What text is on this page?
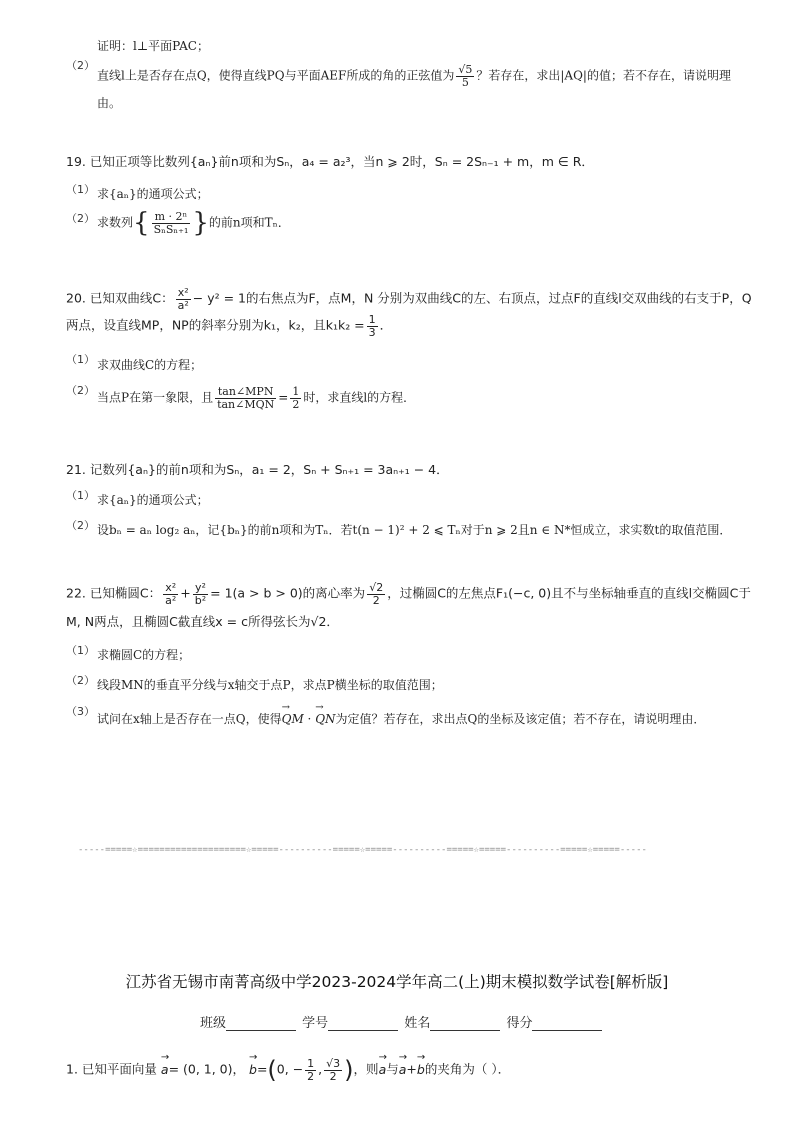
证明：l⊥平面PAC；
（2）
直线l上是否存在点Q，使得直线PQ与平面AEF所成的角的正弦值为 $\frac{√5}{5}$ ？若存在，求出|AQ|的值；若不存在，请说明理
由。
19. 已知正项等比数列{aₙ}前n项和为Sₙ，a₄ = a₂³，当n ⩾ 2时，Sₙ = 2Sₙ₋₁ + m，m ∈ R．
（1） 求{aₙ}的通项公式；
（2） 求数列{ $\frac{\text{m · 2ⁿ}}{\text{SₙSₙ₊₁}}$ }的前n项和Tₙ．
20. 已知双曲线C： $\frac{\text{x²}}{\text{a²}} - y^2 = 1$的右焦点为F，点M，N 分别为双曲线C的左、右顶点，过点F的直线l交双曲线的右支于P，Q
两点，设直线MP，NP的斜率分别为k₁，k₂，且$k_1k_2 = \frac{1}{3}$ ．
（1） 求双曲线C的方程；
（2）
当点P在第一象限，且 $\frac{\text{tan∠MPN}}{\text{tan∠MQN}} = \frac{1}{2}$ 时，求直线l的方程．
21. 记数列{aₙ}的前n项和为Sₙ，a₁ = 2，Sₙ + Sₙ₊₁ = 3aₙ₊₁ − 4．
（1） 求{aₙ}的通项公式；
（2） 设bₙ = aₙ log₂ aₙ，记{bₙ}的前n项和为Tₙ．若t(n − 1)² + 2 ⩽ Tₙ对于n ⩾ 2且n ∈ N*恒成立，求实数t的取值范围．
22. 已知椭圆C： $\frac{\text{x²}}{\text{a²}} + \frac{\text{y²}}{\text{b²}} = 1(a > b > 0)$的离心率为 $\frac{√2}{2}$ ，过椭圆C的左焦点F₁(−c, 0)且不与坐标轴垂直的直线l交椭圆C于
M, N两点，且椭圆C截直线x = c所得弦长为√2．
（1） 求椭圆C的方程；
（2） 线段MN的垂直平分线与x轴交于点P，求点P横坐标的取值范围；
（3）
试问在x轴上是否存在一点Q，使得→ QM · → QN为定值？若存在，求出点Q的坐标及该定值；若不存在，请说明理由．
-----=====☆====================☆=====----------=====☆=====----------=====☆=====----------=====☆=====-----
江苏省无锡市南菁高级中学2023-2024学年高二(上)期末模拟数学试卷[解析版]
班级	学号	姓名	得分
1. 已知平面向量 → a= (0, 1, 0)， → b=(0, − $\frac{1}{2}$ , $\frac{√3}{2}$ )，则→ a与→ a+→ b的夹角为（ ）．
